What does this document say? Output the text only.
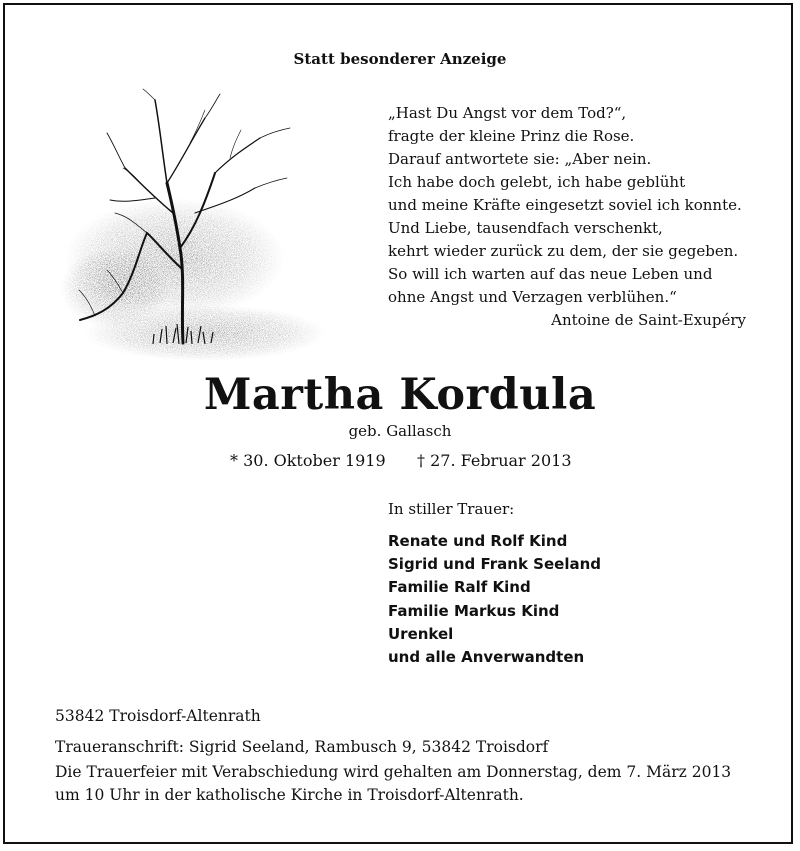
Statt besonderer Anzeige
„Hast Du Angst vor dem Tod?“,
fragte der kleine Prinz die Rose.
Darauf antwortete sie: „Aber nein.
Ich habe doch gelebt, ich habe geblüht
und meine Kräfte eingesetzt soviel ich konnte.
Und Liebe, tausendfach verschenkt,
kehrt wieder zurück zu dem, der sie gegeben.
So will ich warten auf das neue Leben und
ohne Angst und Verzagen verblühen.“
Antoine de Saint-Exupéry
Martha Kordula
geb. Gallasch
* 30. Oktober 1919 † 27. Februar 2013
In stiller Trauer:
Renate und Rolf Kind
Sigrid und Frank Seeland
Familie Ralf Kind
Familie Markus Kind
Urenkel
und alle Anverwandten
53842 Troisdorf-Altenrath
Traueranschrift: Sigrid Seeland, Rambusch 9, 53842 Troisdorf
Die Trauerfeier mit Verabschiedung wird gehalten am Donnerstag, dem 7. März 2013 um 10 Uhr in der katholische Kirche in Troisdorf-Altenrath.
